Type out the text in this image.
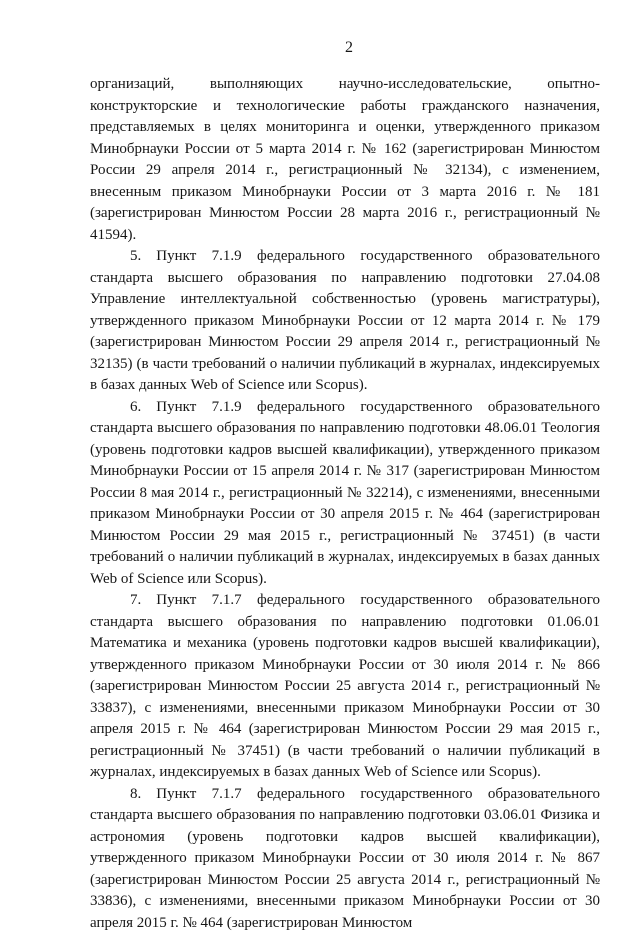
2

организаций, выполняющих научно-исследовательские, опытно-конструкторские и технологические работы гражданского назначения, представляемых в целях мониторинга и оценки, утвержденного приказом Минобрнауки России от 5 марта 2014 г. № 162 (зарегистрирован Минюстом России 29 апреля 2014 г., регистрационный № 32134), с изменением, внесенным приказом Минобрнауки России от 3 марта 2016 г. № 181 (зарегистрирован Минюстом России 28 марта 2016 г., регистрационный № 41594).

5. Пункт 7.1.9 федерального государственного образовательного стандарта высшего образования по направлению подготовки 27.04.08 Управление интеллектуальной собственностью (уровень магистратуры), утвержденного приказом Минобрнауки России от 12 марта 2014 г. № 179 (зарегистрирован Минюстом России 29 апреля 2014 г., регистрационный № 32135) (в части требований о наличии публикаций в журналах, индексируемых в базах данных Web of Science или Scopus).

6. Пункт 7.1.9 федерального государственного образовательного стандарта высшего образования по направлению подготовки 48.06.01 Теология (уровень подготовки кадров высшей квалификации), утвержденного приказом Минобрнауки России от 15 апреля 2014 г. № 317 (зарегистрирован Минюстом России 8 мая 2014 г., регистрационный № 32214), с изменениями, внесенными приказом Минобрнауки России от 30 апреля 2015 г. № 464 (зарегистрирован Минюстом России 29 мая 2015 г., регистрационный № 37451) (в части требований о наличии публикаций в журналах, индексируемых в базах данных Web of Science или Scopus).

7. Пункт 7.1.7 федерального государственного образовательного стандарта высшего образования по направлению подготовки 01.06.01 Математика и механика (уровень подготовки кадров высшей квалификации), утвержденного приказом Минобрнауки России от 30 июля 2014 г. № 866 (зарегистрирован Минюстом России 25 августа 2014 г., регистрационный № 33837), с изменениями, внесенными приказом Минобрнауки России от 30 апреля 2015 г. № 464 (зарегистрирован Минюстом России 29 мая 2015 г., регистрационный № 37451) (в части требований о наличии публикаций в журналах, индексируемых в базах данных Web of Science или Scopus).

8. Пункт 7.1.7 федерального государственного образовательного стандарта высшего образования по направлению подготовки 03.06.01 Физика и астрономия (уровень подготовки кадров высшей квалификации), утвержденного приказом Минобрнауки России от 30 июля 2014 г. № 867 (зарегистрирован Минюстом России 25 августа 2014 г., регистрационный № 33836), с изменениями, внесенными приказом Минобрнауки России от 30 апреля 2015 г. № 464 (зарегистрирован Минюстом
